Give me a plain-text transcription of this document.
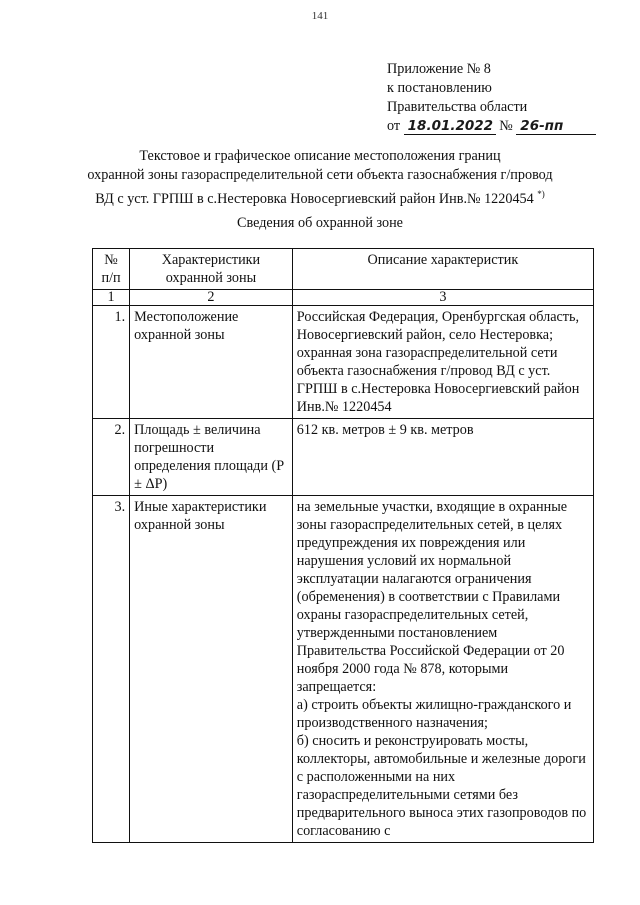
141
Приложение № 8
к постановлению
Правительства области
от 18.01.2022 № 26-пп
Текстовое и графическое описание местоположения границ
охранной зоны газораспределительной сети объекта газоснабжения г/провод
ВД с уст. ГРПШ в с.Нестеровка Новосергиевский район Инв.№ 1220454 *)
Сведения об охранной зоне
№ п/п	Характеристики охранной зоны	Описание характеристик
1	2	3
1.	Местоположение охранной зоны	Российская Федерация, Оренбургская область, Новосергиевский район, село Нестеровка; охранная зона газораспределительной сети объекта газоснабжения г/провод ВД с уст. ГРПШ в с.Нестеровка Новосергиевский район Инв.№ 1220454
2.	Площадь ± величина погрешности определения площади (P ± ΔP)	612 кв. метров ± 9 кв. метров
3.	Иные характеристики охранной зоны	на земельные участки, входящие в охранные зоны газораспределительных сетей, в целях предупреждения их повреждения или нарушения условий их нормальной эксплуатации налагаются ограничения (обременения) в соответствии с Правилами охраны газораспределительных сетей, утвержденными постановлением Правительства Российской Федерации от 20 ноября 2000 года № 878, которыми запрещается:
а) строить объекты жилищно-гражданского и производственного назначения;
б) сносить и реконструировать мосты, коллекторы, автомобильные и железные дороги с расположенными на них газораспределительными сетями без предварительного выноса этих газопроводов по согласованию с
